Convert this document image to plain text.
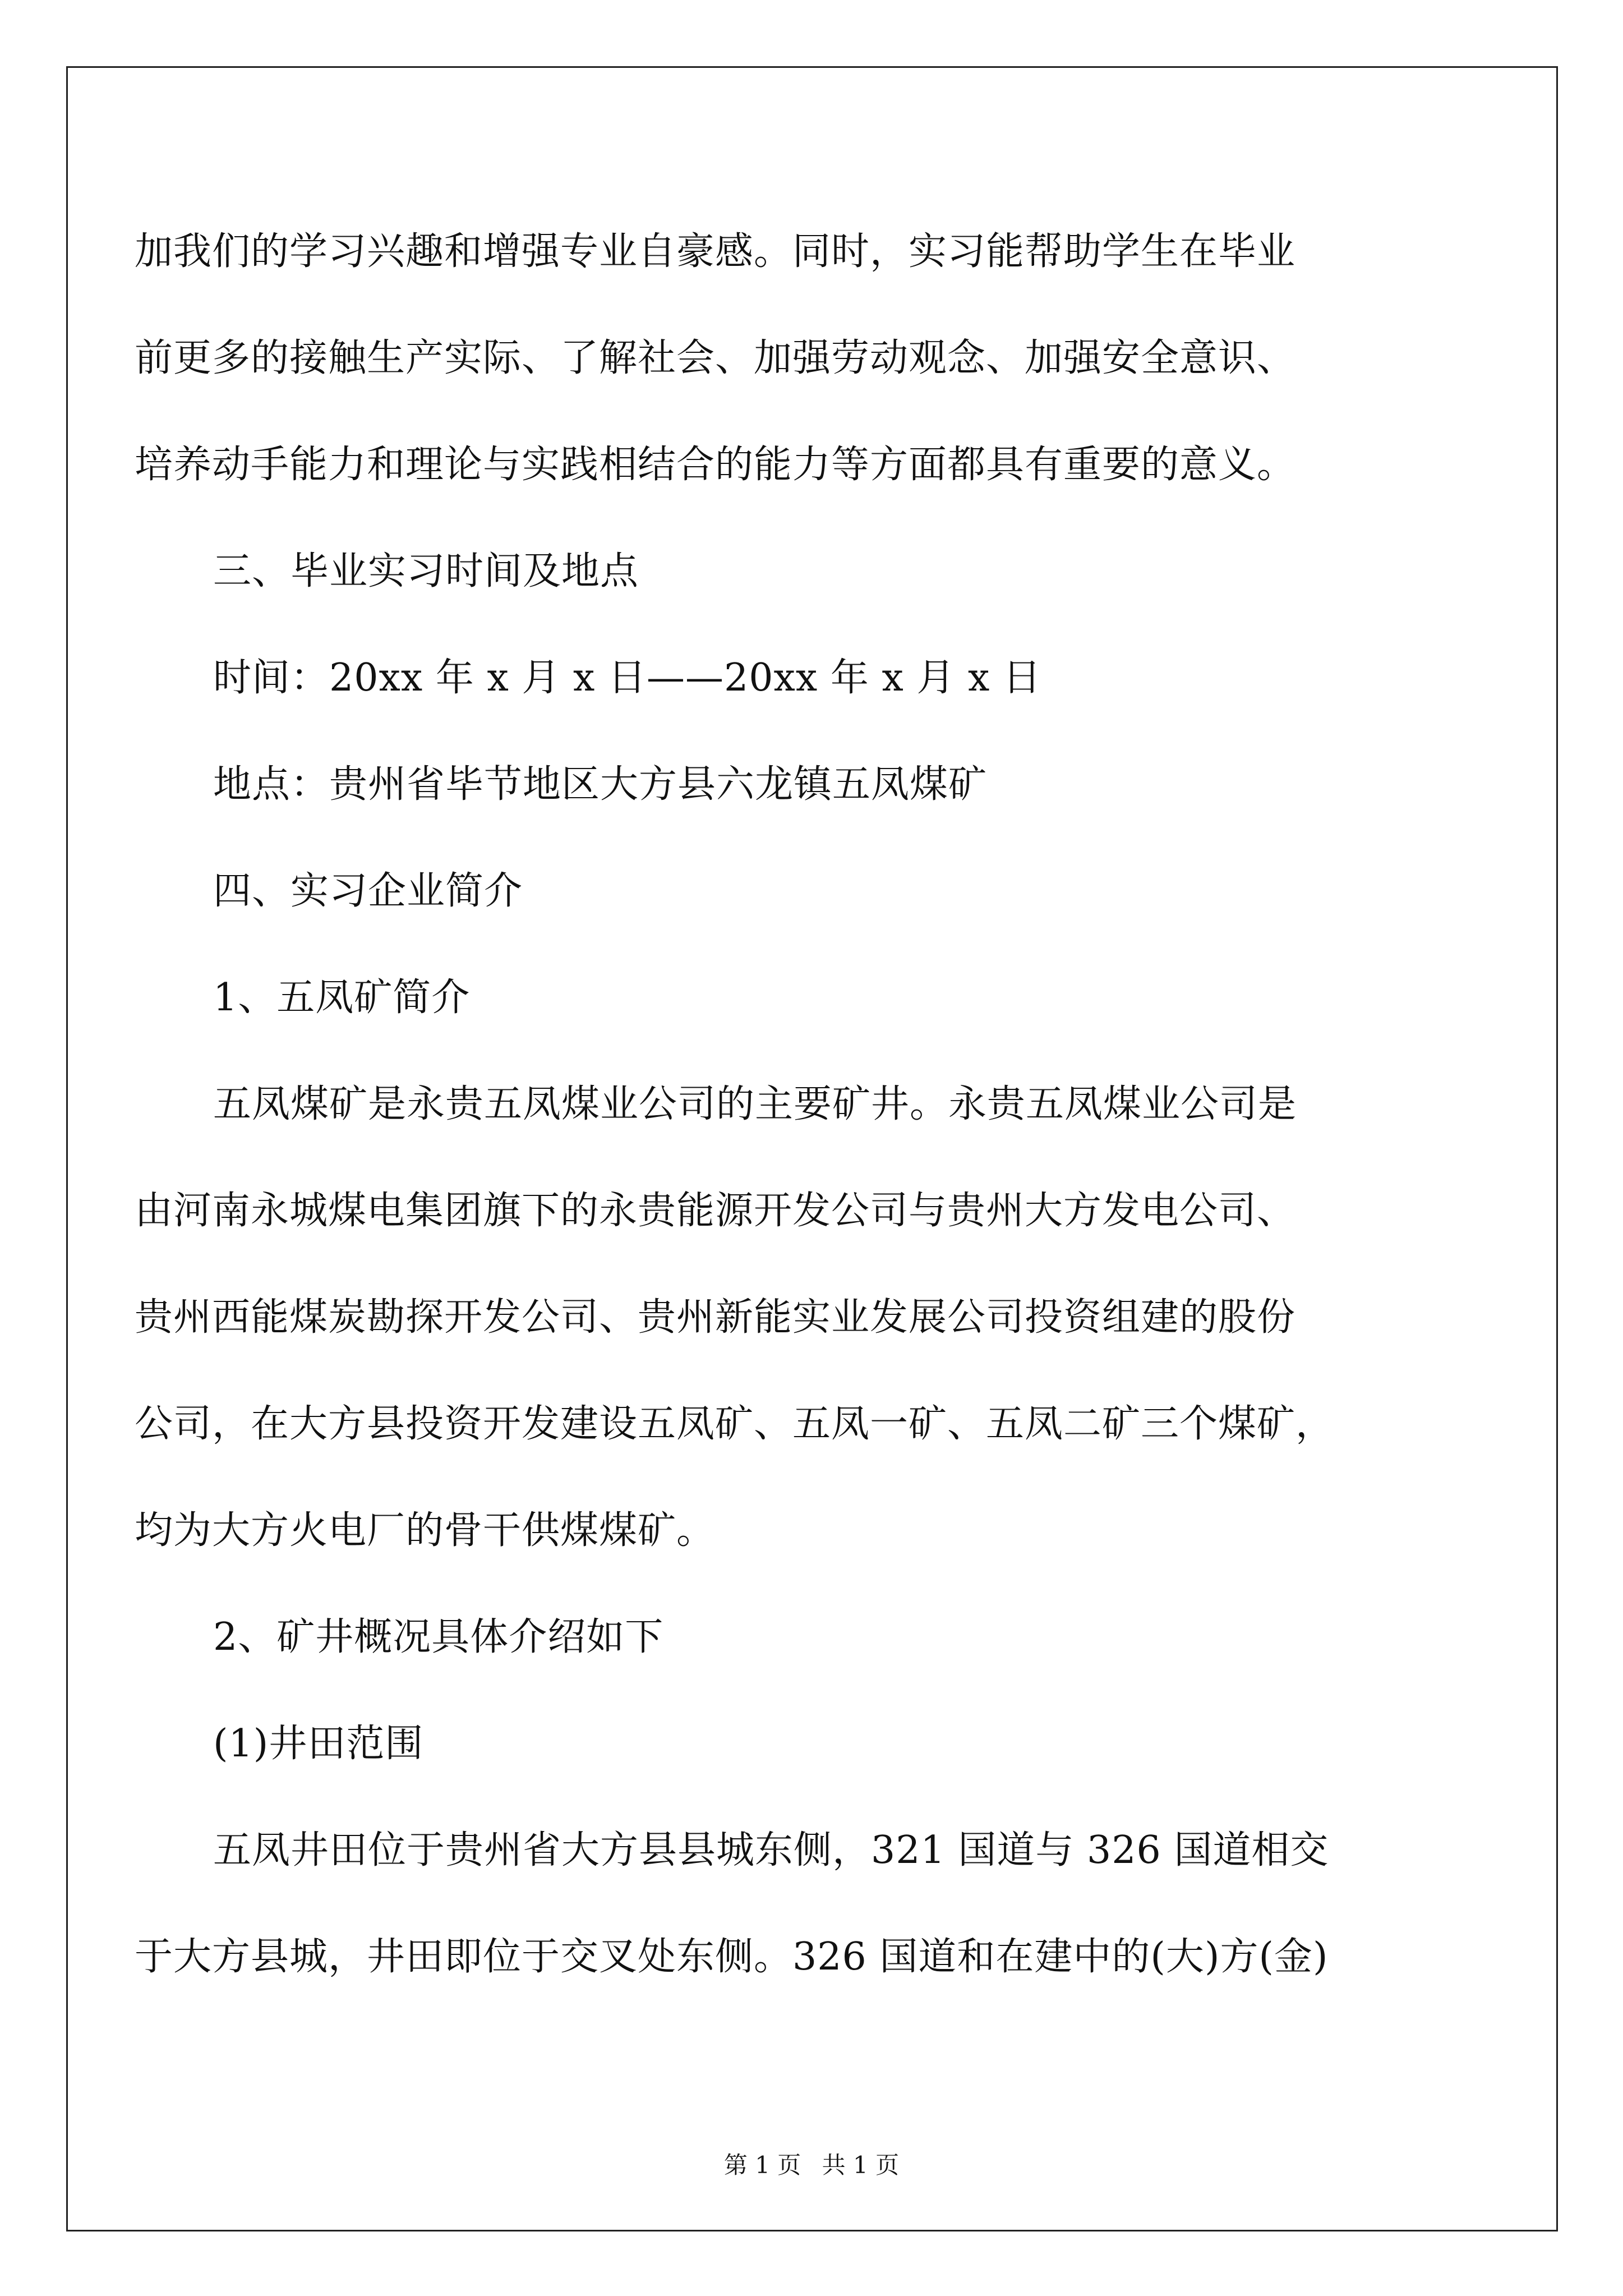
加我们的学习兴趣和增强专业自豪感。同时，实习能帮助学生在毕业

前更多的接触生产实际、了解社会、加强劳动观念、加强安全意识、

培养动手能力和理论与实践相结合的能力等方面都具有重要的意义。

三、毕业实习时间及地点

时间：20xx 年 x 月 x 日——20xx 年 x 月 x 日

地点：贵州省毕节地区大方县六龙镇五凤煤矿

四、实习企业简介

1、五凤矿简介

五凤煤矿是永贵五凤煤业公司的主要矿井。永贵五凤煤业公司是

由河南永城煤电集团旗下的永贵能源开发公司与贵州大方发电公司、

贵州西能煤炭勘探开发公司、贵州新能实业发展公司投资组建的股份

公司，在大方县投资开发建设五凤矿、五凤一矿、五凤二矿三个煤矿，

均为大方火电厂的骨干供煤煤矿。

2、矿井概况具体介绍如下

(1)井田范围

五凤井田位于贵州省大方县县城东侧，321 国道与 326 国道相交

于大方县城，井田即位于交叉处东侧。326 国道和在建中的(大)方(金)

第 1 页 共 1 页
